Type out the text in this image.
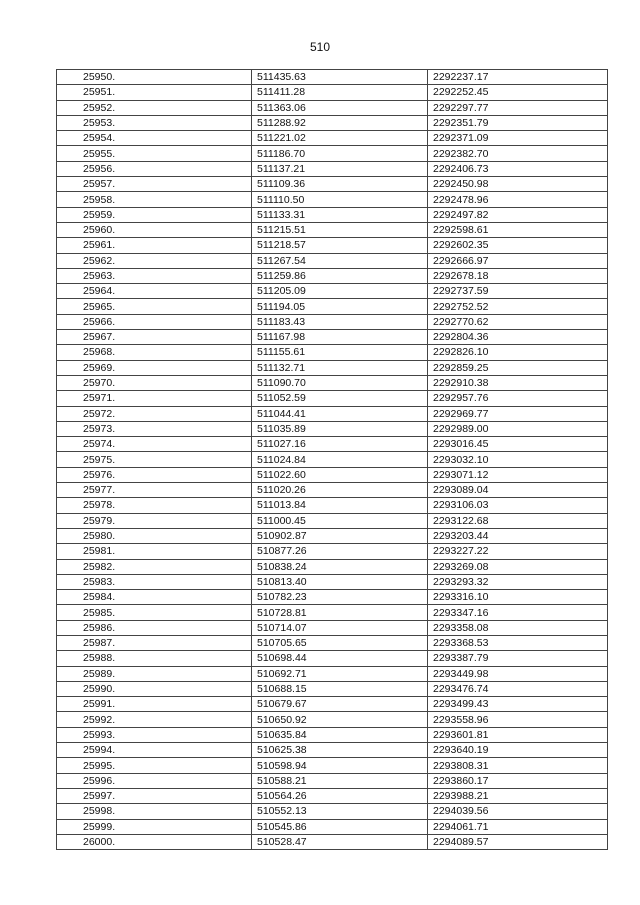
510
25950.	511435.63	2292237.17
25951.	511411.28	2292252.45
25952.	511363.06	2292297.77
25953.	511288.92	2292351.79
25954.	511221.02	2292371.09
25955.	511186.70	2292382.70
25956.	511137.21	2292406.73
25957.	511109.36	2292450.98
25958.	511110.50	2292478.96
25959.	511133.31	2292497.82
25960.	511215.51	2292598.61
25961.	511218.57	2292602.35
25962.	511267.54	2292666.97
25963.	511259.86	2292678.18
25964.	511205.09	2292737.59
25965.	511194.05	2292752.52
25966.	511183.43	2292770.62
25967.	511167.98	2292804.36
25968.	511155.61	2292826.10
25969.	511132.71	2292859.25
25970.	511090.70	2292910.38
25971.	511052.59	2292957.76
25972.	511044.41	2292969.77
25973.	511035.89	2292989.00
25974.	511027.16	2293016.45
25975.	511024.84	2293032.10
25976.	511022.60	2293071.12
25977.	511020.26	2293089.04
25978.	511013.84	2293106.03
25979.	511000.45	2293122.68
25980.	510902.87	2293203.44
25981.	510877.26	2293227.22
25982.	510838.24	2293269.08
25983.	510813.40	2293293.32
25984.	510782.23	2293316.10
25985.	510728.81	2293347.16
25986.	510714.07	2293358.08
25987.	510705.65	2293368.53
25988.	510698.44	2293387.79
25989.	510692.71	2293449.98
25990.	510688.15	2293476.74
25991.	510679.67	2293499.43
25992.	510650.92	2293558.96
25993.	510635.84	2293601.81
25994.	510625.38	2293640.19
25995.	510598.94	2293808.31
25996.	510588.21	2293860.17
25997.	510564.26	2293988.21
25998.	510552.13	2294039.56
25999.	510545.86	2294061.71
26000.	510528.47	2294089.57
